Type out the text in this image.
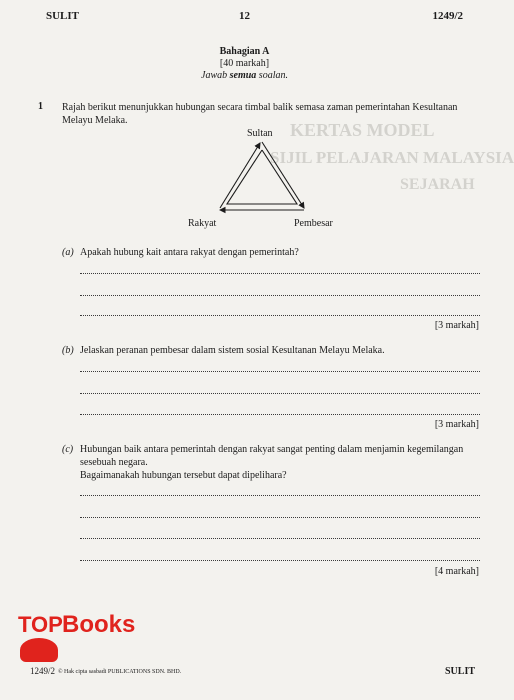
KERTAS MODEL
SIJIL PELAJARAN MALAYSIA
SEJARAH
SULIT	12	1249/2
Bahagian A
[40 markah]
Jawab semua soalan.
1 Rajah berikut menunjukkan hubungan secara timbal balik semasa zaman pemerintahan Kesultanan Melayu Melaka.
Sultan
Rakyat	Pembesar
(a) Apakah hubung kait antara rakyat dengan pemerintah?
[3 markah]
(b) Jelaskan peranan pembesar dalam sistem sosial Kesultanan Melayu Melaka.
[3 markah]
(c) Hubungan baik antara pemerintah dengan rakyat sangat penting dalam menjamin kegemilangan sesebuah negara.
Bagaimanakah hubungan tersebut dapat dipelihara?
[4 markah]
TOP Books
1249/2 © Hak cipta sasbadi PUBLICATIONS SDN. BHD.	SULIT
